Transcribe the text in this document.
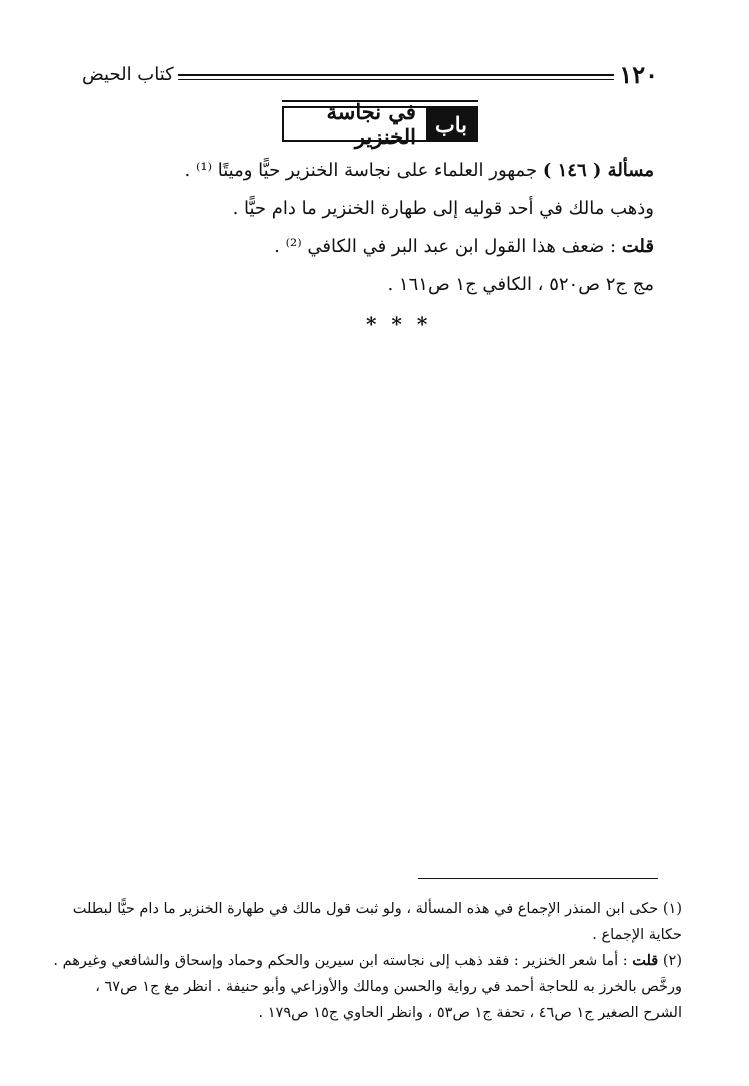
١٢٠
كتاب الحيض
باب
في نجاسة الخنزير
مسألة ( ١٤٦ ) جمهور العلماء على نجاسة الخنزير حيًّا وميتًا ⁽¹⁾ .
وذهب مالك في أحد قوليه إلى طهارة الخنزير ما دام حيًّا .
قلت : ضعف هذا القول ابن عبد البر في الكافي ⁽²⁾ .
مج ج٢ ص٥٢٠ ، الكافي ج١ ص١٦١ .
* * *
(١) حكى ابن المنذر الإجماع في هذه المسألة ، ولو ثبت قول مالك في طهارة الخنزير ما دام حيًّا لبطلت
حكاية الإجماع .
(٢) قلت : أما شعر الخنزير : فقد ذهب إلى نجاسته ابن سيرين والحكم وحماد وإسحاق والشافعي وغيرهم .
ورخَّص بالخرز به للحاجة أحمد في رواية والحسن ومالك والأوزاعي وأبو حنيفة . انظر مغ ج١ ص٦٧ ،
الشرح الصغير ج١ ص٤٦ ، تحفة ج١ ص٥٣ ، وانظر الحاوي ج١٥ ص١٧٩ .
